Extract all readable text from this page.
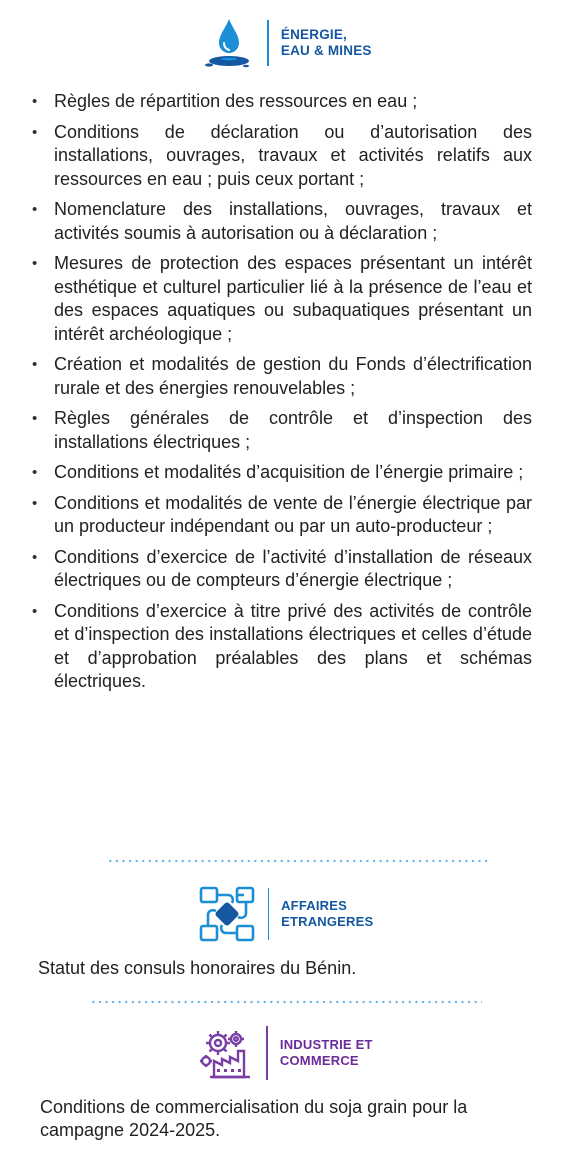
ÉNERGIE,
EAU & MINES
• Règles de répartition des ressources en eau ;
• Conditions de déclaration ou d’autorisation des installations, ouvrages, travaux et activités relatifs aux ressources en eau ; puis ceux portant ;
• Nomenclature des installations, ouvrages, travaux et activités soumis à autorisation ou à déclaration ;
• Mesures de protection des espaces présentant un intérêt esthétique et culturel particulier lié à la présence de l’eau et des espaces aquatiques ou subaquatiques présentant un intérêt archéologique ;
• Création et modalités de gestion du Fonds d’électrification rurale et des énergies renouvelables ;
• Règles générales de contrôle et d’inspection des installations électriques ;
• Conditions et modalités d’acquisition de l’énergie primaire ;
• Conditions et modalités de vente de l’énergie électrique par un producteur indépendant ou par un auto-producteur ;
• Conditions d’exercice de l’activité d’installation de réseaux électriques ou de compteurs d’énergie électrique ;
• Conditions d’exercice à titre privé des activités de contrôle et d’inspection des installations électriques et celles d’étude et d’approbation préalables des plans et schémas électriques.
AFFAIRES
ETRANGERES
Statut des consuls honoraires du Bénin.
INDUSTRIE ET
COMMERCE
Conditions de commercialisation du soja grain pour la campagne 2024-2025.
